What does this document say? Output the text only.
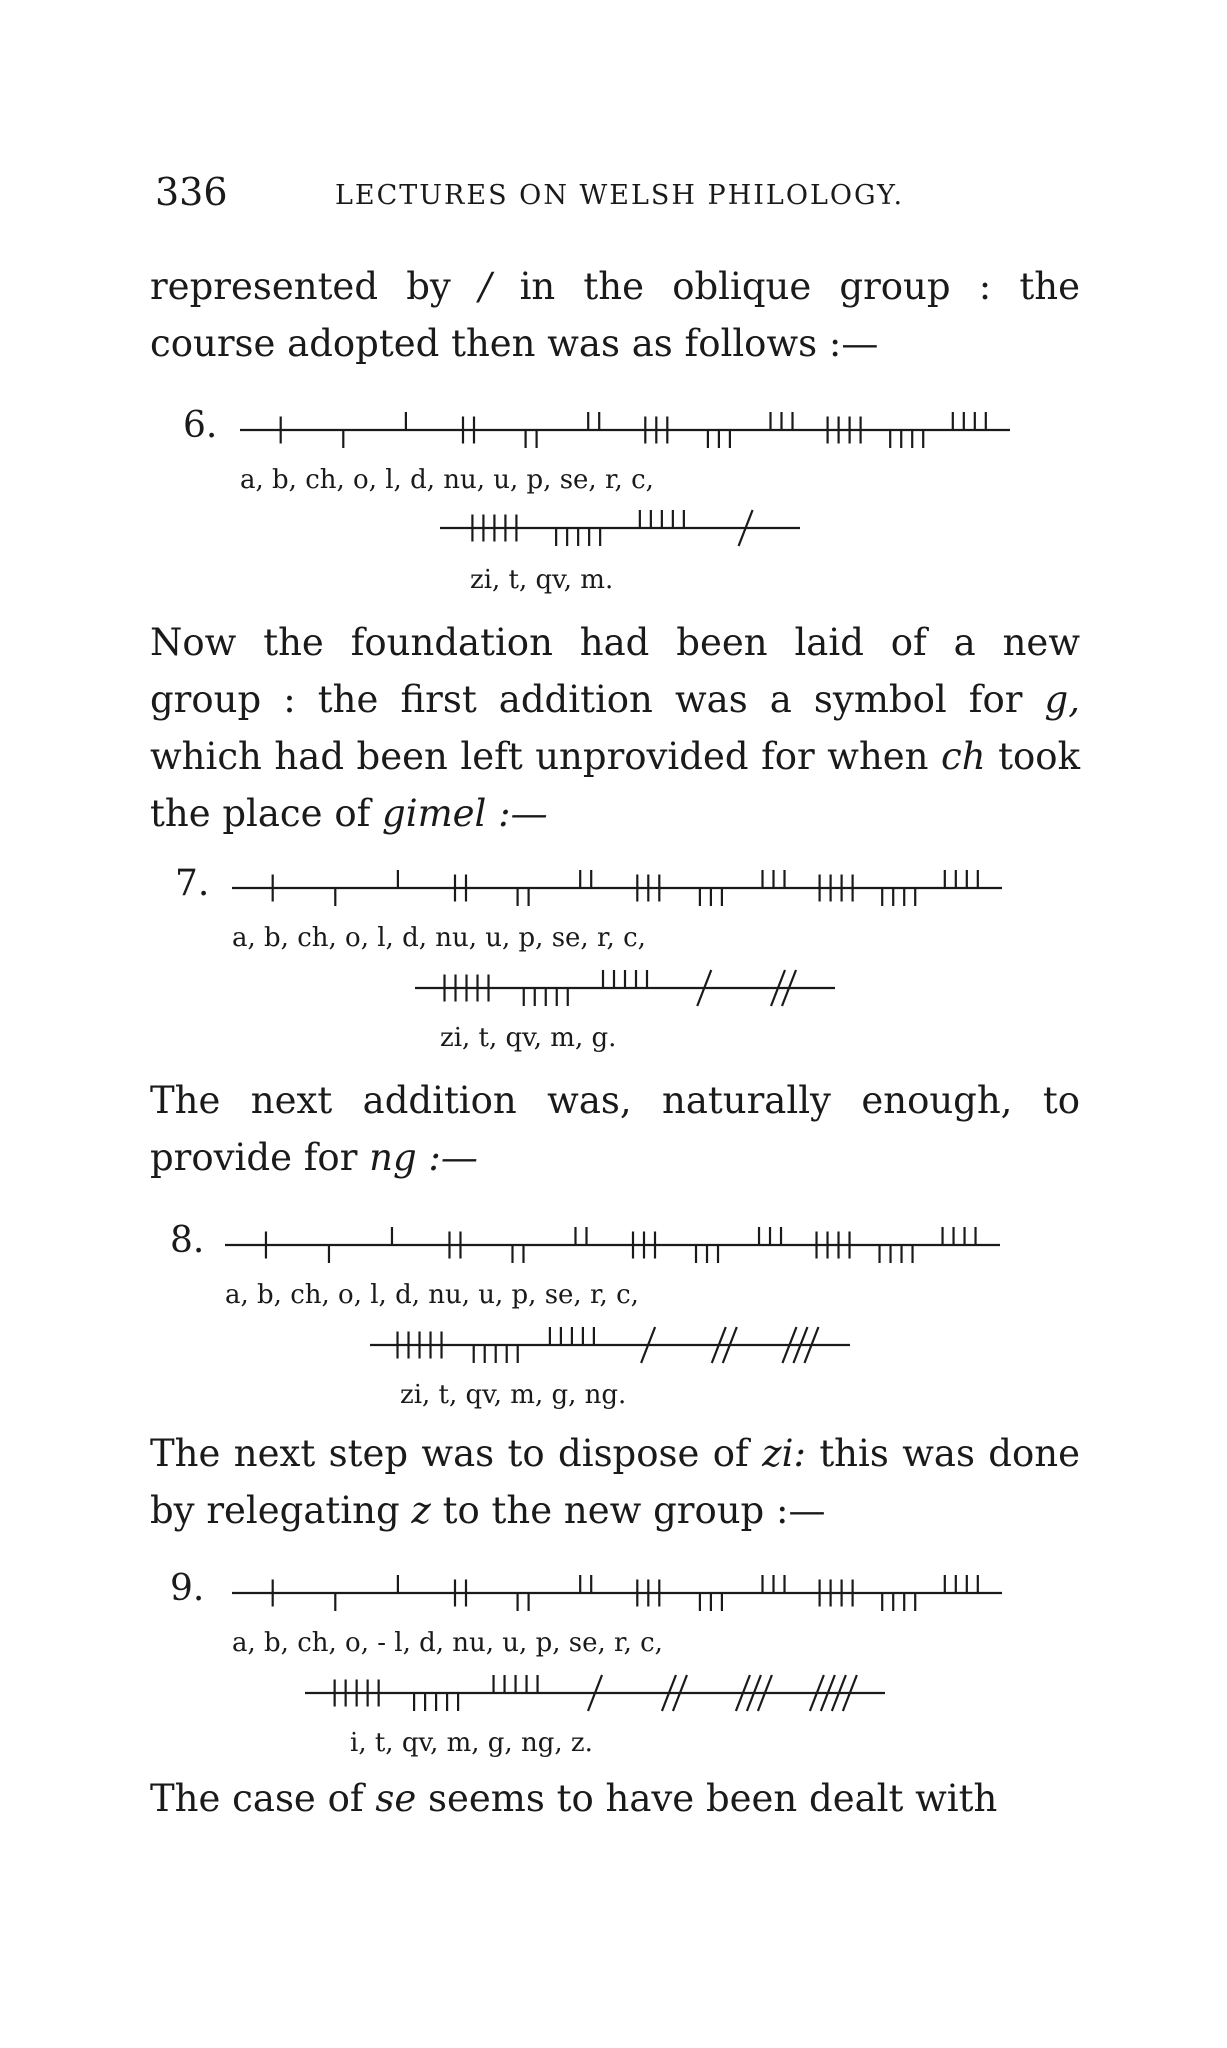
336	LECTURES ON WELSH PHILOLOGY.
represented by / in the oblique group : the course adopted then was as follows :—
6.
a, b, ch, o, l, d, nu, u, p, se, r, c,
zi, t, qv, m.
Now the foundation had been laid of a new group : the first addition was a symbol for g, which had been left unprovided for when ch took the place of gimel :—
7.
a, b, ch, o, l, d, nu, u, p, se, r, c,
zi, t, qv, m, g.
The next addition was, naturally enough, to provide for ng :—
8.
a, b, ch, o, l, d, nu, u, p, se, r, c,
zi, t, qv, m, g, ng.
The next step was to dispose of zi: this was done by relegating z to the new group :—
9.
a, b, ch, o, - l, d, nu, u, p, se, r, c,
i, t, qv, m, g, ng, z.
The case of se seems to have been dealt with
